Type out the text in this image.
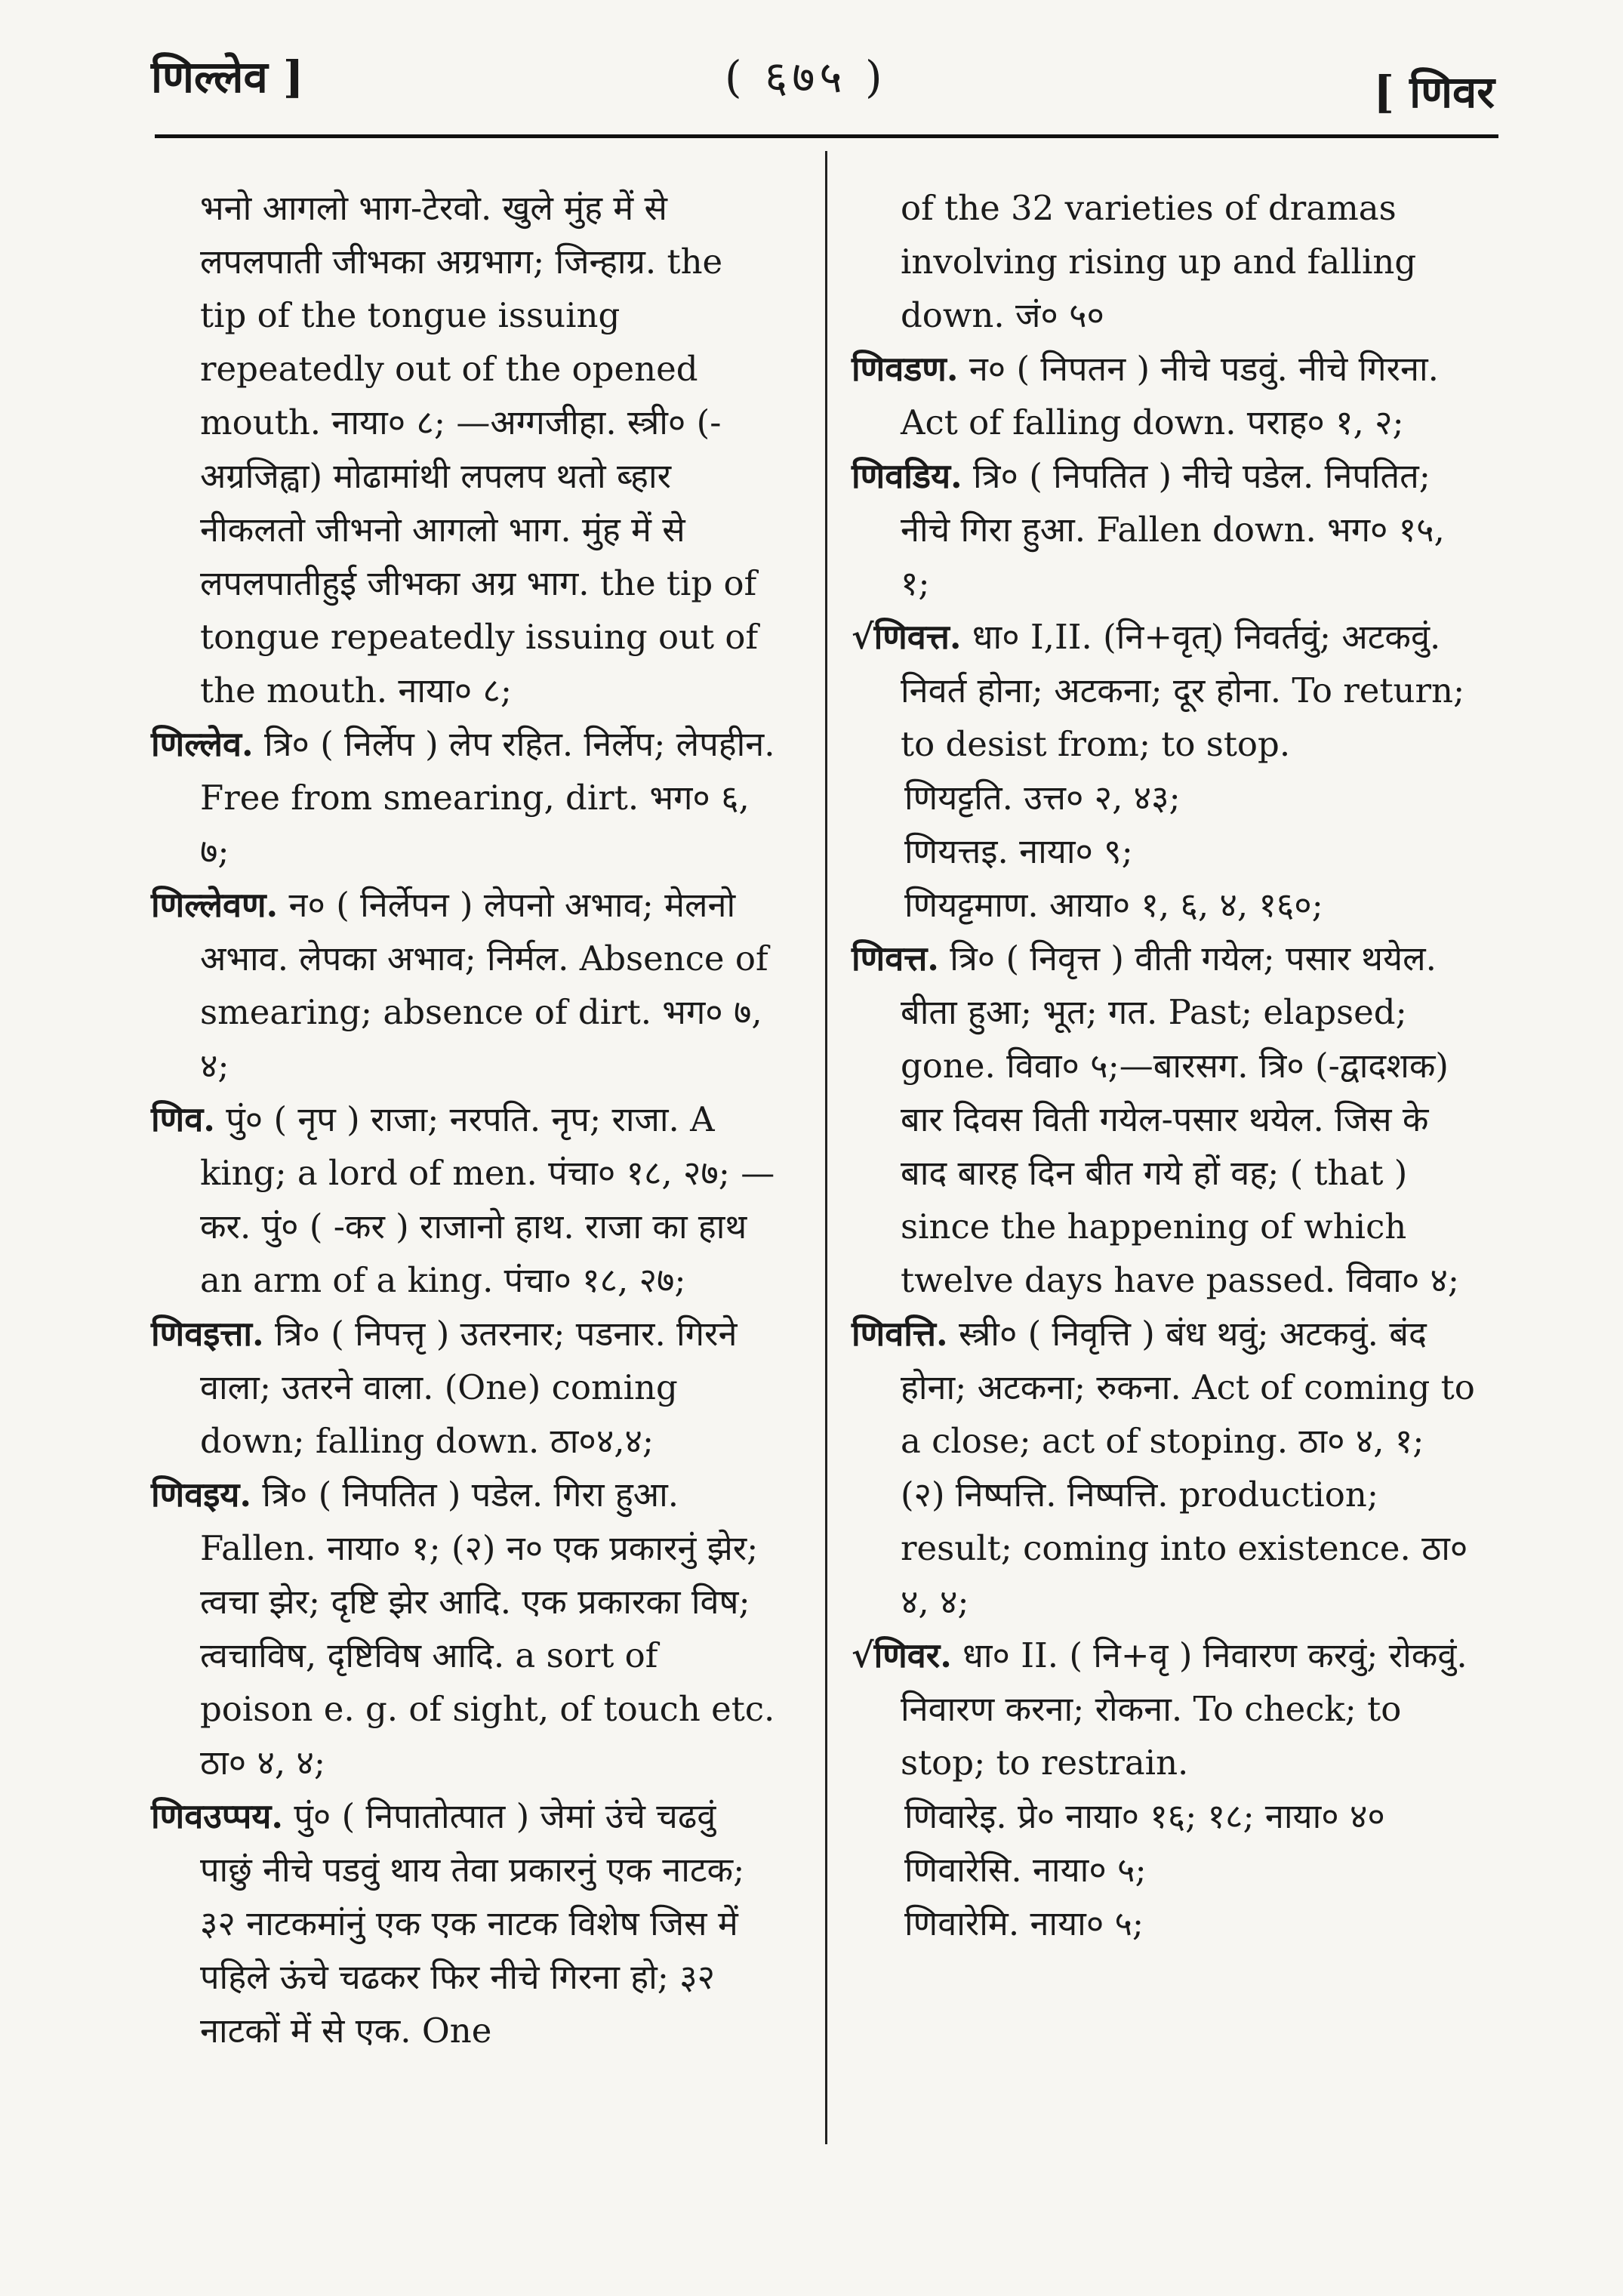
णिल्लेव ]	( ६७५ )	[ णिवर

भनो आगलो भाग-टेरवो. खुले मुंह में से लपलपाती जीभका अग्रभाग; जिन्हाग्र. the tip of the tongue issuing repeatedly out of the opened mouth. नाया० ८; —अग्गजीहा. स्त्री० (-अग्रजिह्वा) मोढामांथी लपलप थतो ब्हार नीकलतो जीभनो आगलो भाग. मुंह में से लपलपातीहुई जीभका अग्र भाग. the tip of tongue repeatedly issuing out of the mouth. नाया० ८;

णिल्लेव. त्रि० ( निर्लेप ) लेप रहित. निर्लेप; लेपहीन. Free from smearing, dirt. भग० ६, ७;

णिल्लेवण. न० ( निर्लेपन ) लेपनो अभाव; मेलनो अभाव. लेपका अभाव; निर्मल. Absence of smearing; absence of dirt. भग० ७, ४;

णिव. पुं० ( नृप ) राजा; नरपति. नृप; राजा. A king; a lord of men. पंचा० १८, २७; —कर. पुं० ( -कर ) राजानो हाथ. राजा का हाथ an arm of a king. पंचा० १८, २७;

णिवइत्ता. त्रि० ( निपत्तृ ) उतरनार; पडनार. गिरने वाला; उतरने वाला. (One) coming down; falling down. ठा०४,४;

णिवइय. त्रि० ( निपतित ) पडेल. गिरा हुआ. Fallen. नाया० १; (२) न० एक प्रकारनुं झेर; त्वचा झेर; दृष्टि झेर आदि. एक प्रकारका विष; त्वचाविष, दृष्टिविष आदि. a sort of poison e. g. of sight, of touch etc. ठा० ४, ४;

णिवउप्पय. पुं० ( निपातोत्पात ) जेमां उंचे चढवुं पाछुं नीचे पडवुं थाय तेवा प्रकारनुं एक नाटक; ३२ नाटकमांनुं एक एक नाटक विशेष जिस में पहिले ऊंचे चढकर फिर नीचे गिरना हो; ३२ नाटकों में से एक. One

of the 32 varieties of dramas involving rising up and falling down. जं० ५०

णिवडण. न० ( निपतन ) नीचे पडवुं. नीचे गिरना. Act of falling down. पराह० १, २;

णिवडिय. त्रि० ( निपतित ) नीचे पडेल. निपतित; नीचे गिरा हुआ. Fallen down. भग० १५, १;

√णिवत्त. धा० I,II. (नि+वृत्) निवर्तवुं; अटकवुं. निवर्त होना; अटकना; दूर होना. To return; to desist from; to stop.

णियट्टति. उत्त० २, ४३;

णियत्तइ. नाया० ९;

णियट्टमाण. आया० १, ६, ४, १६०;

णिवत्त. त्रि० ( निवृत्त ) वीती गयेल; पसार थयेल. बीता हुआ; भूत; गत. Past; elapsed; gone. विवा० ५;—बारसग. त्रि० (-द्वादशक) बार दिवस विती गयेल-पसार थयेल. जिस के बाद बारह दिन बीत गये हों वह; ( that ) since the happening of which twelve days have passed. विवा० ४;

णिवत्ति. स्त्री० ( निवृत्ति ) बंध थवुं; अटकवुं. बंद होना; अटकना; रुकना. Act of coming to a close; act of stoping. ठा० ४, १; (२) निष्पत्ति. निष्पत्ति. production; result; coming into existence. ठा० ४, ४;

√णिवर. धा० II. ( नि+वृ ) निवारण करवुं; रोकवुं. निवारण करना; रोकना. To check; to stop; to restrain.

णिवारेइ. प्रे० नाया० १६; १८; नाया० ४०

णिवारेसि. नाया० ५;

णिवारेमि. नाया० ५;
